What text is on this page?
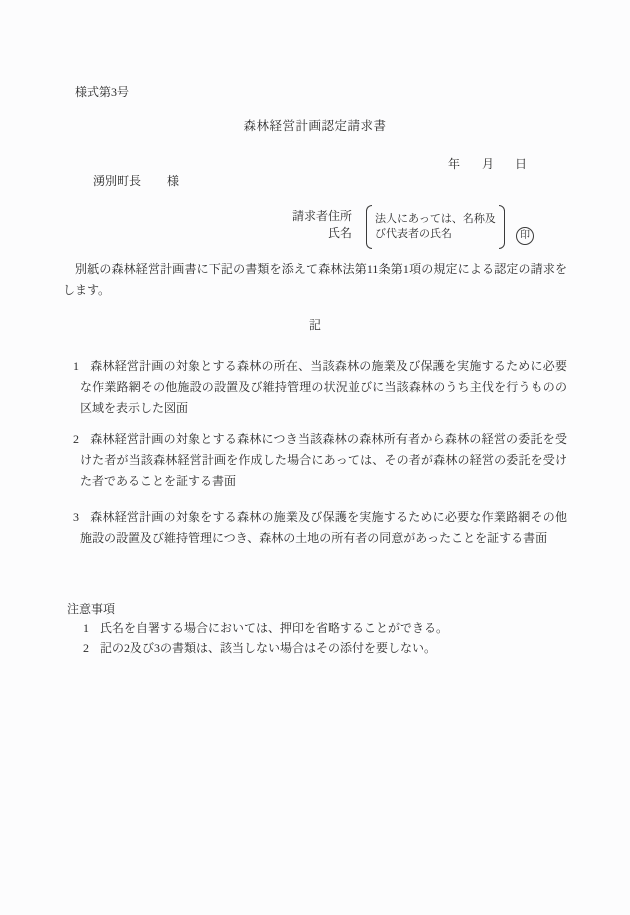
様式第3号
森林経営計画認定請求書
年 月 日
湧別町長 様
請求者住所
氏名
法人にあっては、名称及
び代表者の氏名	印

別紙の森林経営計画書に下記の書類を添えて森林法第11条第1項の規定による認定の請求をします。

記

1 森林経営計画の対象とする森林の所在、当該森林の施業及び保護を実施するために必要な作業路網その他施設の設置及び維持管理の状況並びに当該森林のうち主伐を行うものの区域を表示した図面

2 森林経営計画の対象とする森林につき当該森林の森林所有者から森林の経営の委託を受けた者が当該森林経営計画を作成した場合にあっては、その者が森林の経営の委託を受けた者であることを証する書面

3 森林経営計画の対象をする森林の施業及び保護を実施するために必要な作業路網その他施設の設置及び維持管理につき、森林の土地の所有者の同意があったことを証する書面

注意事項

1 氏名を自署する場合においては、押印を省略することができる。

2 記の2及び3の書類は、該当しない場合はその添付を要しない。
